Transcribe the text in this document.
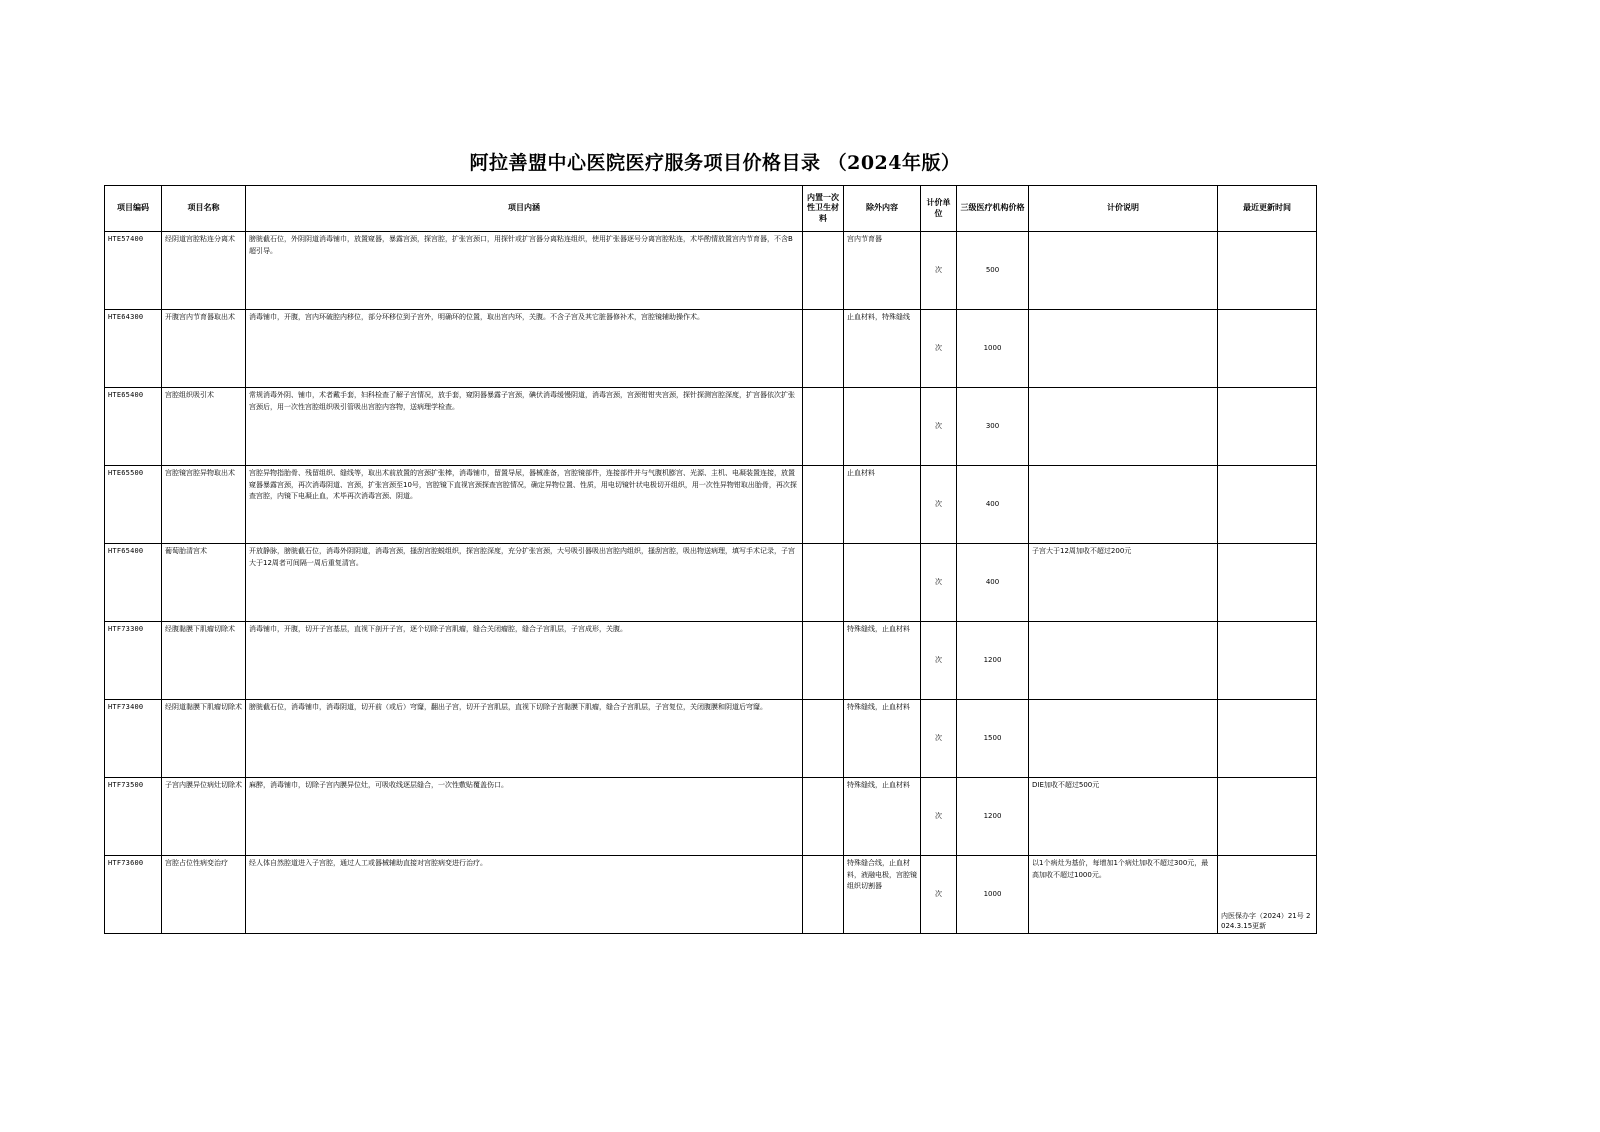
阿拉善盟中心医院医疗服务项目价格目录 （2024年版）
项目编码	项目名称	项目内涵	内置一次性卫生材料	除外内容	计价单位	三级医疗机构价格	计价说明	最近更新时间
HTE57400	经阴道宫腔粘连分离术	膀胱截石位，外阴阴道消毒铺巾，放置窥器，暴露宫颈，探宫腔，扩张宫颈口，用探针或扩宫器分离粘连组织，使用扩张器逐号分离宫腔粘连，术毕酌情放置宫内节育器，不含B超引导。		宫内节育器	次	500		

HTE64300	开腹宫内节育器取出术	消毒铺巾，开腹，宫内环破腔内移位，部分环移位到子宫外，明确环的位置，取出宫内环，关腹。不含子宫及其它脏器修补术，宫腔镜辅助操作术。		止血材料，特殊缝线	次	1000		

HTE65400	宫腔组织吸引术	常规消毒外阴、铺巾，术者戴手套，妇科检查了解子宫情况，放手套，窥阴器暴露子宫颈，碘伏消毒缓慢阴道，消毒宫颈，宫颈钳钳夹宫颈，探针探测宫腔深度，扩宫器依次扩张宫颈后，用一次性宫腔组织吸引管吸出宫腔内容物，送病理学检查。			次	300		

HTE65500	宫腔镜宫腔异物取出术	宫腔异物指胎骨、残留组织、缝线等，取出术前放置的宫颈扩张棒，消毒铺巾，留置导尿，器械准备，宫腔镜部件，连接部件并与气腹机膨宫、光源、主机、电凝装置连接，放置窥器暴露宫颈，再次消毒阴道、宫颈，扩张宫颈至10号，宫腔镜下直视宫颈探查宫腔情况，确定异物位置、性质，用电切镜针状电极切开组织，用一次性异物钳取出胎骨，再次探查宫腔，内镜下电凝止血，术毕再次消毒宫颈、阴道。		止血材料	次	400		

HTF65400	葡萄胎清宫术	开放静脉，膀胱截石位，消毒外阴阴道，消毒宫颈，搔刮宫腔蜕组织，探宫腔深度，充分扩张宫颈，大号吸引器吸出宫腔内组织，搔刮宫腔，吸出物送病理，填写手术记录，子宫大于12周者可间隔一周后重复清宫。			次	400	子宫大于12周加收不超过200元	

HTF73300	经腹黏膜下肌瘤切除术	消毒铺巾，开腹，切开子宫基层，直视下剖开子宫，逐个切除子宫肌瘤，缝合关闭瘤腔，缝合子宫肌层，子宫成形，关腹。		特殊缝线，止血材料	次	1200		

HTF73400	经阴道黏膜下肌瘤切除术	膀胱截石位，消毒铺巾，消毒阴道，切开前（或后）穹窿，翻出子宫，切开子宫肌层，直视下切除子宫黏膜下肌瘤，缝合子宫肌层，子宫复位，关闭腹膜和阴道后穹窿。		特殊缝线，止血材料	次	1500		

HTF73500	子宫内膜异位病灶切除术	麻醉，消毒铺巾，切除子宫内膜异位灶，可吸收线逐层缝合，一次性敷贴覆盖伤口。		特殊缝线，止血材料	次	1200	DIE加收不超过500元	

HTF73600	宫腔占位性病变治疗	经人体自然腔道进入子宫腔，通过人工或器械辅助直接对宫腔病变进行治疗。		特殊缝合线，止血材料，液融电极，宫腔镜组织切割器	次	1000	以1个病灶为基价，每增加1个病灶加收不超过300元，最高加收不超过1000元。	内医保办字（2024）21号 2024.3.15更新
